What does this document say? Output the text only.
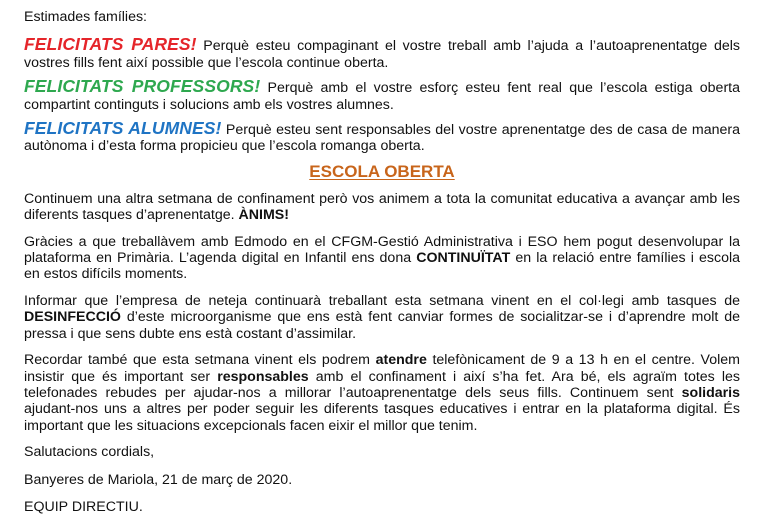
Estimades famílies:

FELICITATS PARES! Perquè esteu compaginant el vostre treball amb l’ajuda a l’autoaprenentatge dels vostres fills fent així possible que l’escola continue oberta.

FELICITATS PROFESSORS! Perquè amb el vostre esforç esteu fent real que l’escola estiga oberta compartint continguts i solucions amb els vostres alumnes.

FELICITATS ALUMNES! Perquè esteu sent responsables del vostre aprenentatge des de casa de manera autònoma i d’esta forma propicieu que l’escola romanga oberta.

ESCOLA OBERTA

Continuem una altra setmana de confinament però vos animem a tota la comunitat educativa a avançar amb les diferents tasques d’aprenentatge. ÀNIMS!

Gràcies a que treballàvem amb Edmodo en el CFGM-Gestió Administrativa i ESO hem pogut desenvolupar la plataforma en Primària. L’agenda digital en Infantil ens dona CONTINUÏTAT en la relació entre famílies i escola en estos difícils moments.

Informar que l’empresa de neteja continuarà treballant esta setmana vinent en el col·legi amb tasques de DESINFECCIÓ d’este microorganisme que ens està fent canviar formes de socialitzar-se i d’aprendre molt de pressa i que sens dubte ens està costant d’assimilar.

Recordar també que esta setmana vinent els podrem atendre telefònicament de 9 a 13 h en el centre. Volem insistir que és important ser responsables amb el confinament i així s’ha fet. Ara bé, els agraïm totes les telefonades rebudes per ajudar-nos a millorar l’autoaprenentatge dels seus fills. Continuem sent solidaris ajudant-nos uns a altres per poder seguir les diferents tasques educatives i entrar en la plataforma digital. És important que les situacions excepcionals facen eixir el millor que tenim.

Salutacions cordials,

Banyeres de Mariola, 21 de març de 2020.

EQUIP DIRECTIU.
